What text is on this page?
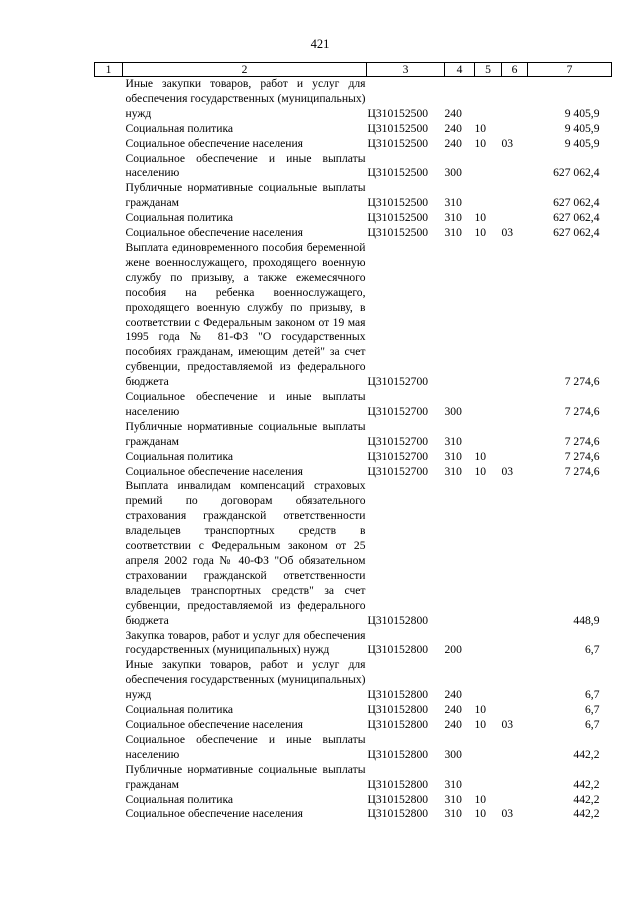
421
1	2	3	4	5	6	7
	Иные закупки товаров, работ и услуг для обеспечения государственных (муниципальных) нужд	Ц310152500	240			9 405,9
	Социальная политика	Ц310152500	240	10		9 405,9
	Социальное обеспечение населения	Ц310152500	240	10	03	9 405,9
	Социальное обеспечение и иные выплаты населению	Ц310152500	300			627 062,4
	Публичные нормативные социальные выплаты гражданам	Ц310152500	310			627 062,4
	Социальная политика	Ц310152500	310	10		627 062,4
	Социальное обеспечение населения	Ц310152500	310	10	03	627 062,4
	Выплата единовременного пособия беременной жене военнослужащего, проходящего военную службу по призыву, а также ежемесячного пособия на ребенка военнослужащего, проходящего военную службу по призыву, в соответствии с Федеральным законом от 19 мая 1995 года № 81-ФЗ "О государственных пособиях гражданам, имеющим детей" за счет субвенции, предоставляемой из федерального бюджета	Ц310152700				7 274,6
	Социальное обеспечение и иные выплаты населению	Ц310152700	300			7 274,6
	Публичные нормативные социальные выплаты гражданам	Ц310152700	310			7 274,6
	Социальная политика	Ц310152700	310	10		7 274,6
	Социальное обеспечение населения	Ц310152700	310	10	03	7 274,6
	Выплата инвалидам компенсаций страховых премий по договорам обязательного страхования гражданской ответственности владельцев транспортных средств в соответствии с Федеральным законом от 25 апреля 2002 года № 40-ФЗ "Об обязательном страховании гражданской ответственности владельцев транспортных средств" за счет субвенции, предоставляемой из федерального бюджета	Ц310152800				448,9
	Закупка товаров, работ и услуг для обеспечения государственных (муниципальных) нужд	Ц310152800	200			6,7
	Иные закупки товаров, работ и услуг для обеспечения государственных (муниципальных) нужд	Ц310152800	240			6,7
	Социальная политика	Ц310152800	240	10		6,7
	Социальное обеспечение населения	Ц310152800	240	10	03	6,7
	Социальное обеспечение и иные выплаты населению	Ц310152800	300			442,2
	Публичные нормативные социальные выплаты гражданам	Ц310152800	310			442,2
	Социальная политика	Ц310152800	310	10		442,2
	Социальное обеспечение населения	Ц310152800	310	10	03	442,2
